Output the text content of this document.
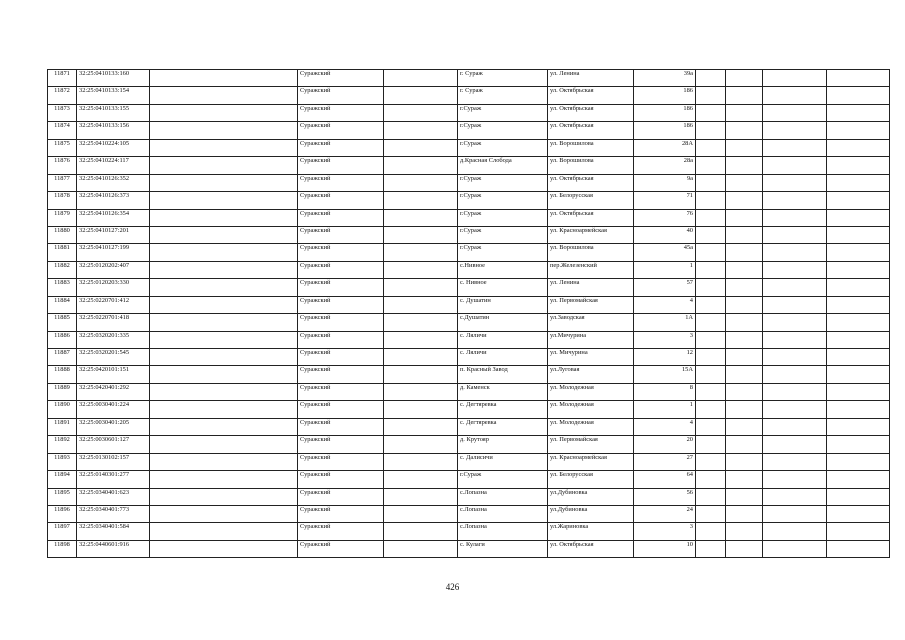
11871	32:25:0410133:160		Суражский		г. Сураж	ул. Ленина	39а				
11872	32:25:0410133:154		Суражский		г. Сураж	ул. Октябрьская	186				
11873	32:25:0410133:155		Суражский		г.Сураж	ул. Октябрьская	186				
11874	32:25:0410133:156		Суражский		г.Сураж	ул. Октябрьская	186				
11875	32:25:0410224:105		Суражский		г.Сураж	ул. Ворошилова	28А				
11876	32:25:0410224:117		Суражский		д.Красная Слобода	ул. Ворошилова	28а				
11877	32:25:0410126:352		Суражский		г.Сураж	ул. Октябрьская	9а				
11878	32:25:0410126:373		Суражский		г.Сураж	ул. Белорусская	71				
11879	32:25:0410126:354		Суражский		г.Сураж	ул. Октябрьская	76				
11880	32:25:0410127:201		Суражский		г.Сураж	ул. Красноармейская	40				
11881	32:25:0410127:199		Суражский		г.Сураж	ул. Ворошилова	45а				
11882	32:25:0120202:407		Суражский		с.Нивное	пер.Железенский	1				
11883	32:25:0120203:330		Суражский		с. Нивное	ул. Ленина	57				
11884	32:25:0220701:412		Суражский		с. Душатин	ул. Первомайская	4				
11885	32:25:0220701:418		Суражский		с.Душатин	ул.Заводская	1А				
11886	32:25:0320201:335		Суражский		с. Ляличи	ул.Мичурина	3				
11887	32:25:0320201:545		Суражский		с. Ляличи	ул. Мичурина	12				
11888	32:25:0420101:151		Суражский		п. Красный Завод	ул.Луговая	15А				
11889	32:25:0420401:292		Суражский		д. Каменск	ул. Молодежная	8				
11890	32:25:0030401:224		Суражский		с. Дегтяревка	ул. Молодежная	1				
11891	32:25:0030401:205		Суражский		с. Дегтяревка	ул. Молодежная	4				
11892	32:25:0030601:127		Суражский		д. Крутояр	ул. Первомайская	20				
11893	32:25:0130102:157		Суражский		с. Далисичи	ул. Красноармейская	27				
11894	32:25:0140301:277		Суражский		г.Сураж	ул. Белорусская	64				
11895	32:25:0340401:623		Суражский		с.Лопазна	ул.Дубиновка	56				
11896	32:25:0340401:773		Суражский		с.Лопазна	ул.Дубиновка	24				
11897	32:25:0340401:584		Суражский		с.Лопазна	ул.Жариновка	3				
11898	32:25:0440601:916		Суражский		с. Кулаги	ул. Октябрьская	10				
426
